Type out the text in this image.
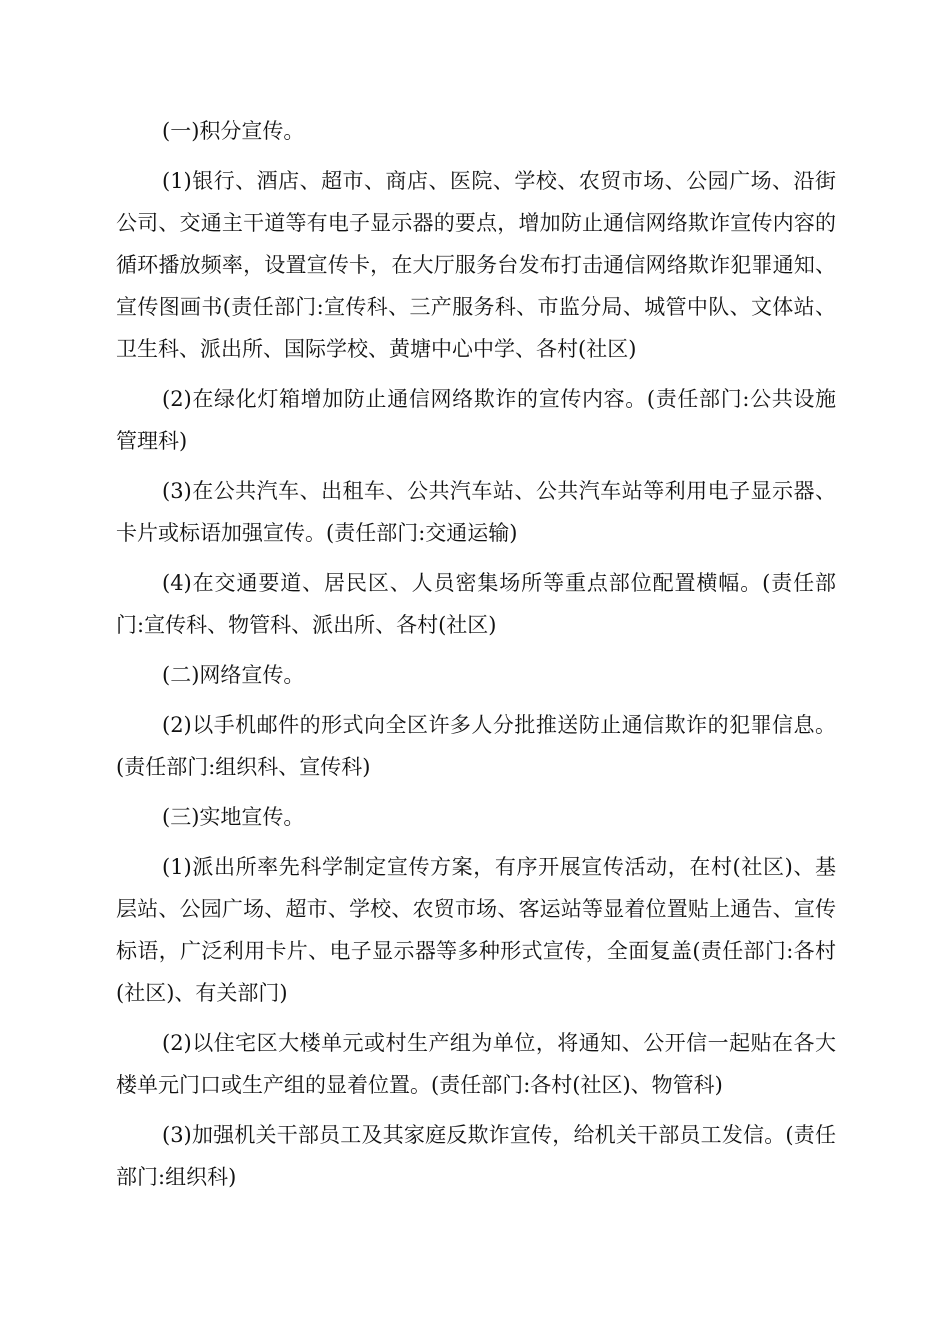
(一)积分宣传。

(1)银行、酒店、超市、商店、医院、学校、农贸市场、公园广场、沿街公司、交通主干道等有电子显示器的要点，增加防止通信网络欺诈宣传内容的循环播放频率，设置宣传卡，在大厅服务台发布打击通信网络欺诈犯罪通知、宣传图画书(责任部门:宣传科、三产服务科、市监分局、城管中队、文体站、卫生科、派出所、国际学校、黄塘中心中学、各村(社区)

(2)在绿化灯箱增加防止通信网络欺诈的宣传内容。(责任部门:公共设施管理科)

(3)在公共汽车、出租车、公共汽车站、公共汽车站等利用电子显示器、卡片或标语加强宣传。(责任部门:交通运输)

(4)在交通要道、居民区、人员密集场所等重点部位配置横幅。(责任部门:宣传科、物管科、派出所、各村(社区)

(二)网络宣传。

(2)以手机邮件的形式向全区许多人分批推送防止通信欺诈的犯罪信息。(责任部门:组织科、宣传科)

(三)实地宣传。

(1)派出所率先科学制定宣传方案，有序开展宣传活动，在村(社区)、基层站、公园广场、超市、学校、农贸市场、客运站等显着位置贴上通告、宣传标语，广泛利用卡片、电子显示器等多种形式宣传，全面复盖(责任部门:各村(社区)、有关部门)

(2)以住宅区大楼单元或村生产组为单位，将通知、公开信一起贴在各大楼单元门口或生产组的显着位置。(责任部门:各村(社区)、物管科)

(3)加强机关干部员工及其家庭反欺诈宣传，给机关干部员工发信。(责任部门:组织科)
